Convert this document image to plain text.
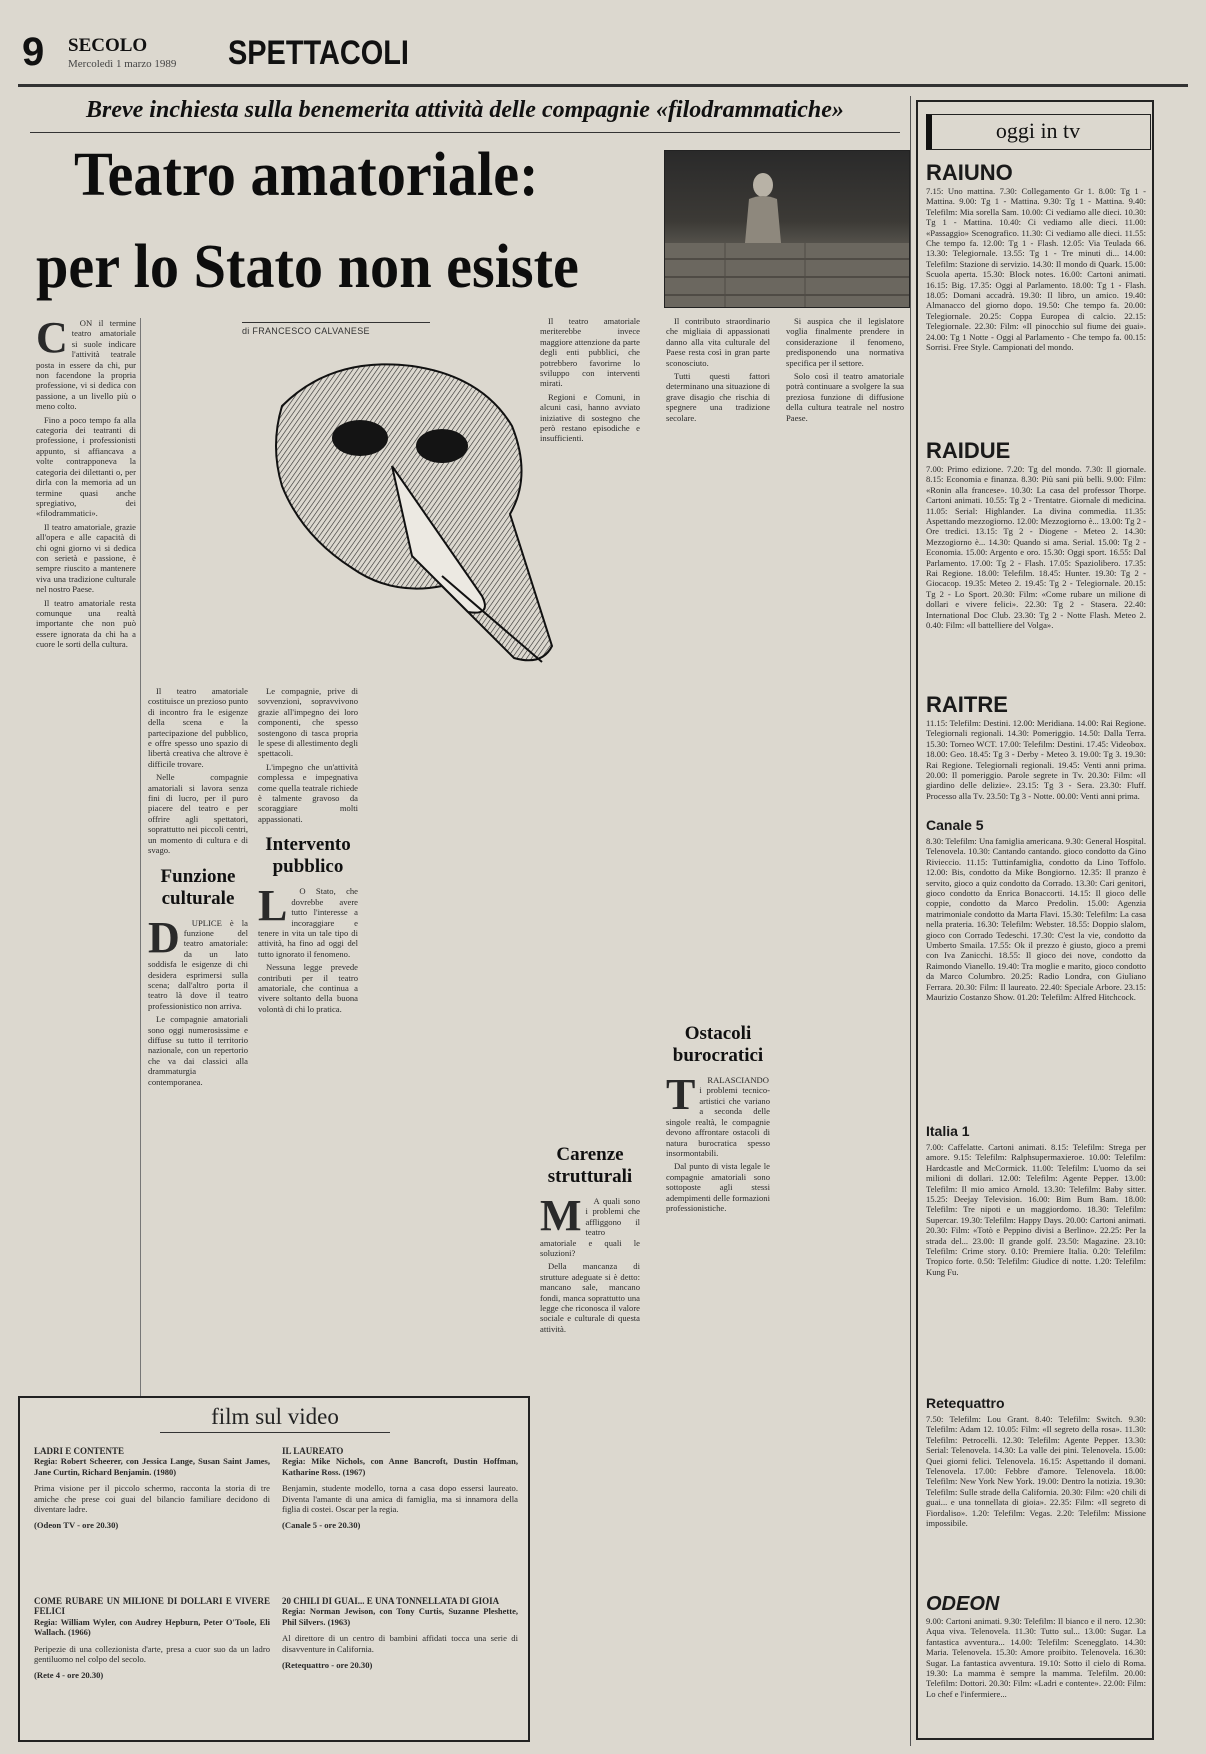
9 SECOLO
Mercoledì 1 marzo 1989 SPETTACOLI
Breve inchiesta sulla benemerita attività delle compagnie «filodrammatiche»
Teatro amatoriale:
per lo Stato non esiste
di FRANCESCO CALVANESE
C	ON il termine teatro amatoriale si suole indicare l'attività teatrale posta in essere da chi, pur non facendone la propria professione, vi si dedica con passione, a un livello più o meno colto.

Fino a poco tempo fa alla categoria dei teatranti di professione, i professionisti appunto, si affiancava a volte contrapponeva la categoria dei dilettanti o, per dirla con la memoria ad un termine quasi anche spregiativo, dei «filodrammatici».

Il teatro amatoriale, grazie all'opera e alle capacità di chi ogni giorno vi si dedica con serietà e passione, è sempre riuscito a mantenere viva una tradizione culturale nel nostro Paese.

Il teatro amatoriale resta comunque una realtà importante che non può essere ignorata da chi ha a cuore le sorti della cultura.

Il teatro amatoriale costituisce un prezioso punto di incontro fra le esigenze della scena e la partecipazione del pubblico, e offre spesso uno spazio di libertà creativa che altrove è difficile trovare.

Nelle compagnie amatoriali si lavora senza fini di lucro, per il puro piacere del teatro e per offrire agli spettatori, soprattutto nei piccoli centri, un momento di cultura e di svago.

Funzione culturale
D	UPLICE è la funzione del teatro amatoriale: da un lato soddisfa le esigenze di chi desidera esprimersi sulla scena; dall'altro porta il teatro là dove il teatro professionistico non arriva.

Le compagnie amatoriali sono oggi numerosissime e diffuse su tutto il territorio nazionale, con un repertorio che va dai classici alla drammaturgia contemporanea.

Le compagnie, prive di sovvenzioni, sopravvivono grazie all'impegno dei loro componenti, che spesso sostengono di tasca propria le spese di allestimento degli spettacoli.

L'impegno che un'attività complessa e impegnativa come quella teatrale richiede è talmente gravoso da scoraggiare molti appassionati.

Intervento pubblico
L	O Stato, che dovrebbe avere tutto l'interesse a incoraggiare e tenere in vita un tale tipo di attività, ha fino ad oggi del tutto ignorato il fenomeno.

Nessuna legge prevede contributi per il teatro amatoriale, che continua a vivere soltanto della buona volontà di chi lo pratica.

Il teatro amatoriale meriterebbe invece maggiore attenzione da parte degli enti pubblici, che potrebbero favorirne lo sviluppo con interventi mirati.

Regioni e Comuni, in alcuni casi, hanno avviato iniziative di sostegno che però restano episodiche e insufficienti.

Carenze strutturali
M	A quali sono i problemi che affliggono il teatro amatoriale e quali le soluzioni?

Della mancanza di strutture adeguate si è detto: mancano sale, mancano fondi, manca soprattutto una legge che riconosca il valore sociale e culturale di questa attività.

Il contributo straordinario che migliaia di appassionati danno alla vita culturale del Paese resta così in gran parte sconosciuto.

Tutti questi fattori determinano una situazione di grave disagio che rischia di spegnere una tradizione secolare.

Ostacoli burocratici
T	RALASCIANDO i problemi tecnico-artistici che variano a seconda delle singole realtà, le compagnie devono affrontare ostacoli di natura burocratica spesso insormontabili.

Dal punto di vista legale le compagnie amatoriali sono sottoposte agli stessi adempimenti delle formazioni professionistiche.

Si auspica che il legislatore voglia finalmente prendere in considerazione il fenomeno, predisponendo una normativa specifica per il settore.

Solo così il teatro amatoriale potrà continuare a svolgere la sua preziosa funzione di diffusione della cultura teatrale nel nostro Paese.

film sul video
LADRI E CONTENTE
Regia: Robert Scheerer, con Jessica Lange, Susan Saint James, Jane Curtin, Richard Benjamin. (1980)
Prima visione per il piccolo schermo, racconta la storia di tre amiche che prese coi guai del bilancio familiare decidono di diventare ladre.
(Odeon TV - ore 20.30)
COME RUBARE UN MILIONE DI DOLLARI E VIVERE FELICI
Regia: William Wyler, con Audrey Hepburn, Peter O'Toole, Eli Wallach. (1966)
Peripezie di una collezionista d'arte, presa a cuor suo da un ladro gentiluomo nel colpo del secolo.
(Rete 4 - ore 20.30)
IL LAUREATO
Regia: Mike Nichols, con Anne Bancroft, Dustin Hoffman, Katharine Ross. (1967)
Benjamin, studente modello, torna a casa dopo essersi laureato. Diventa l'amante di una amica di famiglia, ma si innamora della figlia di costei. Oscar per la regia.
(Canale 5 - ore 20.30)
20 CHILI DI GUAI... E UNA TONNELLATA DI GIOIA
Regia: Norman Jewison, con Tony Curtis, Suzanne Pleshette, Phil Silvers. (1963)
Al direttore di un centro di bambini affidati tocca una serie di disavventure in California.
(Retequattro - ore 20.30)
oggi in tv
RAIUNO
7.15: Uno mattina. 7.30: Collegamento Gr 1. 8.00: Tg 1 - Mattina. 9.00: Tg 1 - Mattina. 9.30: Tg 1 - Mattina. 9.40: Telefilm: Mia sorella Sam. 10.00: Ci vediamo alle dieci. 10.30: Tg 1 - Mattina. 10.40: Ci vediamo alle dieci. 11.00: «Passaggio» Scenografico. 11.30: Ci vediamo alle dieci. 11.55: Che tempo fa. 12.00: Tg 1 - Flash. 12.05: Via Teulada 66. 13.30: Telegiornale. 13.55: Tg 1 - Tre minuti di... 14.00: Telefilm: Stazione di servizio. 14.30: Il mondo di Quark. 15.00: Scuola aperta. 15.30: Block notes. 16.00: Cartoni animati. 16.15: Big. 17.35: Oggi al Parlamento. 18.00: Tg 1 - Flash. 18.05: Domani accadrà. 19.30: Il libro, un amico. 19.40: Almanacco del giorno dopo. 19.50: Che tempo fa. 20.00: Telegiornale. 20.25: Coppa Europea di calcio. 22.15: Telegiornale. 22.30: Film: «Il pinocchio sul fiume dei guai». 24.00: Tg 1 Notte - Oggi al Parlamento - Che tempo fa. 00.15: Sorrisi. Free Style. Campionati del mondo.
RAIDUE
7.00: Primo edizione. 7.20: Tg del mondo. 7.30: Il giornale. 8.15: Economia e finanza. 8.30: Più sani più belli. 9.00: Film: «Ronin alla francese». 10.30: La casa del professor Thorpe. Cartoni animati. 10.55: Tg 2 - Trentatre. Giornale di medicina. 11.05: Serial: Highlander. La divina commedia. 11.35: Aspettando mezzogiorno. 12.00: Mezzogiorno è... 13.00: Tg 2 - Ore tredici. 13.15: Tg 2 - Diogene - Meteo 2. 14.30: Mezzogiorno è... 14.30: Quando si ama. Serial. 15.00: Tg 2 - Economia. 15.00: Argento e oro. 15.30: Oggi sport. 16.55: Dal Parlamento. 17.00: Tg 2 - Flash. 17.05: Spaziolibero. 17.35: Rai Regione. 18.00: Telefilm. 18.45: Hunter. 19.30: Tg 2 - Giocacop. 19.35: Meteo 2. 19.45: Tg 2 - Telegiornale. 20.15: Tg 2 - Lo Sport. 20.30: Film: «Come rubare un milione di dollari e vivere felici». 22.30: Tg 2 - Stasera. 22.40: International Doc Club. 23.30: Tg 2 - Notte Flash. Meteo 2. 0.40: Film: «Il battelliere del Volga».
RAITRE
11.15: Telefilm: Destini. 12.00: Meridiana. 14.00: Rai Regione. Telegiornali regionali. 14.30: Pomeriggio. 14.50: Dalla Terra. 15.30: Torneo WCT. 17.00: Telefilm: Destini. 17.45: Videobox. 18.00: Geo. 18.45: Tg 3 - Derby - Meteo 3. 19.00: Tg 3. 19.30: Rai Regione. Telegiornali regionali. 19.45: Venti anni prima. 20.00: Il pomeriggio. Parole segrete in Tv. 20.30: Film: «Il giardino delle delizie». 23.15: Tg 3 - Sera. 23.30: Fluff. Processo alla Tv. 23.50: Tg 3 - Notte. 00.00: Venti anni prima.
Canale 5
8.30: Telefilm: Una famiglia americana. 9.30: General Hospital. Telenovela. 10.30: Cantando cantando. gioco condotto da Gino Rivieccio. 11.15: Tuttinfamiglia, condotto da Lino Toffolo. 12.00: Bis, condotto da Mike Bongiorno. 12.35: Il pranzo è servito, gioco a quiz condotto da Corrado. 13.30: Cari genitori, gioco condotto da Enrica Bonaccorti. 14.15: Il gioco delle coppie, condotto da Marco Predolin. 15.00: Agenzia matrimoniale condotto da Marta Flavi. 15.30: Telefilm: La casa nella prateria. 16.30: Telefilm: Webster. 18.55: Doppio slalom, gioco con Corrado Tedeschi. 17.30: C'est la vie, condotto da Umberto Smaila. 17.55: Ok il prezzo è giusto, gioco a premi con Iva Zanicchi. 18.55: Il gioco dei nove, condotto da Raimondo Vianello. 19.40: Tra moglie e marito, gioco condotto da Marco Columbro. 20.25: Radio Londra, con Giuliano Ferrara. 20.30: Film: Il laureato. 22.40: Speciale Arbore. 23.15: Maurizio Costanzo Show. 01.20: Telefilm: Alfred Hitchcock.
Italia 1
7.00: Caffelatte. Cartoni animati. 8.15: Telefilm: Strega per amore. 9.15: Telefilm: Ralphsupermaxieroe. 10.00: Telefilm: Hardcastle and McCormick. 11.00: Telefilm: L'uomo da sei milioni di dollari. 12.00: Telefilm: Agente Pepper. 13.00: Telefilm: Il mio amico Arnold. 13.30: Telefilm: Baby sitter. 15.25: Deejay Television. 16.00: Bim Bum Bam. 18.00: Telefilm: Tre nipoti e un maggiordomo. 18.30: Telefilm: Supercar. 19.30: Telefilm: Happy Days. 20.00: Cartoni animati. 20.30: Film: «Totò e Peppino divisi a Berlino». 22.25: Per la strada del... 23.00: Il grande golf. 23.50: Magazine. 23.10: Telefilm: Crime story. 0.10: Premiere Italia. 0.20: Telefilm: Tropico forte. 0.50: Telefilm: Giudice di notte. 1.20: Telefilm: Kung Fu.
Retequattro
7.50: Telefilm: Lou Grant. 8.40: Telefilm: Switch. 9.30: Telefilm: Adam 12. 10.05: Film: «Il segreto della rosa». 11.30: Telefilm: Petrocelli. 12.30: Telefilm: Agente Pepper. 13.30: Serial: Telenovela. 14.30: La valle dei pini. Telenovela. 15.00: Quei giorni felici. Telenovela. 16.15: Aspettando il domani. Telenovela. 17.00: Febbre d'amore. Telenovela. 18.00: Telefilm: New York New York. 19.00: Dentro la notizia. 19.30: Telefilm: Sulle strade della California. 20.30: Film: «20 chili di guai... e una tonnellata di gioia». 22.35: Film: «Il segreto di Fiordaliso». 1.20: Telefilm: Vegas. 2.20: Telefilm: Missione impossibile.
ODEON
9.00: Cartoni animati. 9.30: Telefilm: Il bianco e il nero. 12.30: Aqua viva. Telenovela. 11.30: Tutto sul... 13.00: Sugar. La fantastica avventura... 14.00: Telefilm: Scenegglato. 14.30: Maria. Telenovela. 15.30: Amore proibito. Telenovela. 16.30: Sugar. La fantastica avventura. 19.10: Sotto il cielo di Roma. 19.30: La mamma è sempre la mamma. Telefilm. 20.00: Telefilm: Dottori. 20.30: Film: «Ladri e contente». 22.00: Film: Lo chef e l'infermiere...
